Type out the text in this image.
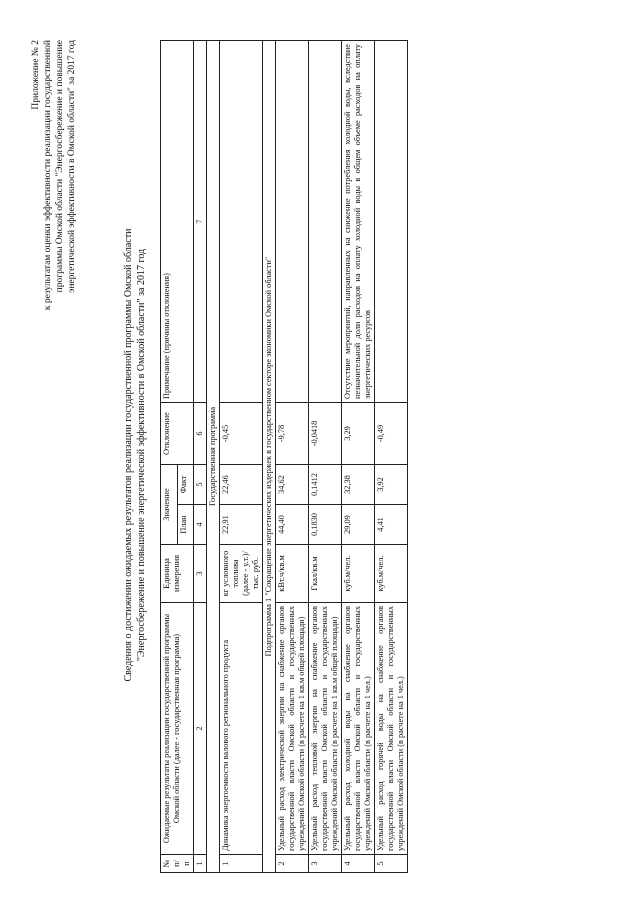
Приложение № 2 к результатам оценки эффективности реализации государственной программы Омской области "Энергосбережение и повышение энергетической эффективности в Омской области" за 2017 год
Сведения о достижении ожидаемых результатов реализации государственной программы Омской области "Энергосбережение и повышение энергетической эффективности в Омской области" за 2017 год
№ п/п	Ожидаемые результаты реализации государственной программы Омской области (далее - государственная программа)	Единица измерения	Значение		Отклонение	Примечание (причины отклонения)
			План	Факт		
1	2	3	4	5	6	7
Государственная программа						
1	Динамика энергоемкости валового регионального продукта	кг условного топлива (далее - у.т.)/тыс. руб.	22,91	22,46	-0,45	
Подпрограмма 1 "Сокращение энергетических издержек в государственном секторе экономики Омской области"						
2	Удельный расход электрической энергии на снабжение органов государственной власти Омской области и государственных учреждений Омской области (в расчете на 1 кв.м общей площади)	кВт.ч/кв.м	44,40	34,62	-9,78	
3	Удельный расход тепловой энергии на снабжение органов государственной власти Омской области и государственных учреждений Омской области (в расчете на 1 кв.м общей площади)	Гкал/кв.м	0,1830	0,1412	-0,0418	
4	Удельный расход холодной воды на снабжение органов государственной власти Омской области и государственных учреждений Омской области (в расчете на 1 чел.)	куб.м/чел.	29,09	32,38	3,29	Отсутствие мероприятий, направленных на снижение потребления холодной воды, вследствие незначительной доли расходов на оплату холодной воды в общем объеме расходов на оплату энергетических ресурсов
5	Удельный расход горячей воды на снабжение органов государственной власти Омской области и государственных учреждений Омской области (в расчете на 1 чел.)	куб.м/чел.	4,41	3,92	-0,49	
